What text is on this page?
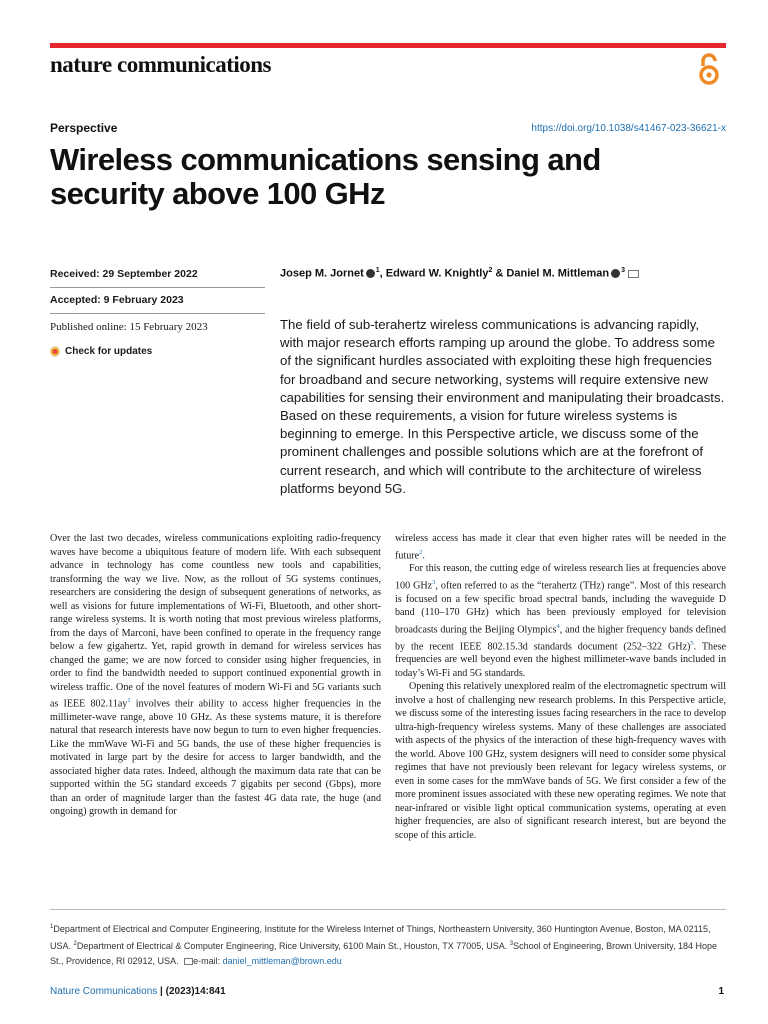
nature communications
Perspective	https://doi.org/10.1038/s41467-023-36621-x
Wireless communications sensing and security above 100 GHz
Received: 29 September 2022
Accepted: 9 February 2023
Published online: 15 February 2023
Check for updates
Josep M. Jornet $^1$, Edward W. Knightly$^2$ & Daniel M. Mittleman $^3$

The field of sub-terahertz wireless communications is advancing rapidly, with major research efforts ramping up around the globe. To address some of the significant hurdles associated with exploiting these high frequencies for broadband and secure networking, systems will require extensive new capabilities for sensing their environment and manipulating their broadcasts. Based on these requirements, a vision for future wireless systems is beginning to emerge. In this Perspective article, we discuss some of the prominent challenges and possible solutions which are at the forefront of current research, and which will contribute to the architecture of wireless platforms beyond 5G.

Over the last two decades, wireless communications exploiting radio-frequency waves have become a ubiquitous feature of modern life. With each subsequent advance in technology has come countless new tools and capabilities, transforming the way we live. Now, as the rollout of 5G systems continues, researchers are considering the design of subsequent generations of networks, as well as visions for future implementations of Wi-Fi, Bluetooth, and other short-range wireless systems. It is worth noting that most previous wireless platforms, from the days of Marconi, have been confined to operate in the frequency range below a few gigahertz. Yet, rapid growth in demand for wireless services has changed the game; we are now forced to consider using higher frequencies, in order to find the bandwidth needed to support continued exponential growth in wireless traffic. One of the novel features of modern Wi-Fi and 5G variants such as IEEE $802.11ay^1$ involves their ability to access higher frequencies in the millimeter-wave range, above 10 GHz. As these systems mature, it is therefore natural that research interests have now begun to turn to even higher frequencies. Like the mmWave Wi-Fi and 5G bands, the use of these higher frequencies is motivated in large part by the desire for access to larger bandwidth, and the associated higher data rates. Indeed, although the maximum data rate that can be supported within the 5G standard exceeds 7 gigabits per second (Gbps), more than an order of magnitude larger than the fastest 4G data rate, the huge (and ongoing) growth in demand for

wireless access has made it clear that even higher rates will be needed in the future$^2$.

For this reason, the cutting edge of wireless research lies at frequencies above 100 GHz$^3$, often referred to as the “terahertz (THz) range”. Most of this research is focused on a few specific broad spectral bands, including the waveguide D band (110–170 GHz) which has been previously employed for television broadcasts during the Beijing Olympics$^4$, and the higher frequency bands defined by the recent IEEE 802.15.3d standards document (252–322 GHz)$^5$. These frequencies are well beyond even the highest millimeter-wave bands included in today’s Wi-Fi and 5G standards.

Opening this relatively unexplored realm of the electromagnetic spectrum will involve a host of challenging new research problems. In this Perspective article, we discuss some of the interesting issues facing researchers in the race to develop ultra-high-frequency wireless systems. Many of these challenges are associated with aspects of the physics of the interaction of these high-frequency waves with the world. Above 100 GHz, system designers will need to consider some physical regimes that have not previously been relevant for legacy wireless systems, or even in some cases for the mmWave bands of 5G. We first consider a few of the more prominent issues associated with these new operating regimes. We note that near-infrared or visible light optical communication systems, operating at even higher frequencies, are also of significant research interest, but are beyond the scope of this article.

$^1$Department of Electrical and Computer Engineering, Institute for the Wireless Internet of Things, Northeastern University, 360 Huntington Avenue, Boston, MA 02115, USA. $^2$Department of Electrical & Computer Engineering, Rice University, 6100 Main St., Houston, TX 77005, USA. $^3$School of Engineering, Brown University, 184 Hope St., Providence, RI 02912, USA. e-mail: daniel_mittleman@brown.edu
Nature Communications | (2023)14:841	1
